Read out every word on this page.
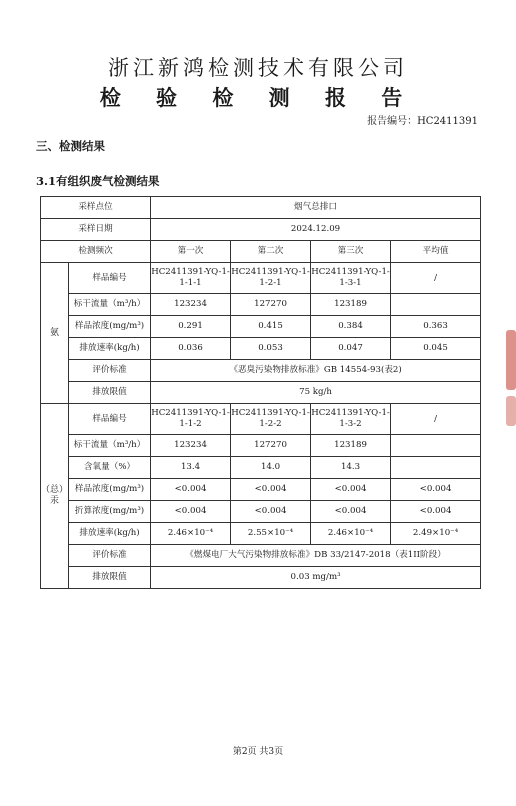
浙江新鸿检测技术有限公司
检 验 检 测 报 告
报告编号：HC2411391
三、检测结果
3.1有组织废气检测结果
采样点位		烟气总排口			
采样日期		2024.12.09			
检测频次		第一次	第二次	第三次	平均值
氨	样品编号	HC2411391-YQ-1-1-1-1	HC2411391-YQ-1-1-2-1	HC2411391-YQ-1-1-3-1	/
	标干流量（m³/h）	123234	127270	123189	
	样品浓度(mg/m³)	0.291	0.415	0.384	0.363
	排放速率(kg/h)	0.036	0.053	0.047	0.045
	评价标准	《恶臭污染物排放标准》GB 14554-93(表2)			
	排放限值	75 kg/h			
（总）汞	样品编号	HC2411391-YQ-1-1-1-2	HC2411391-YQ-1-1-2-2	HC2411391-YQ-1-1-3-2	/
	标干流量（m³/h）	123234	127270	123189	
	含氧量（%）	13.4	14.0	14.3	
	样品浓度(mg/m³)	<0.004	<0.004	<0.004	<0.004
	折算浓度(mg/m³)	<0.004	<0.004	<0.004	<0.004
	排放速率(kg/h)	2.46×10⁻⁴	2.55×10⁻⁴	2.46×10⁻⁴	2.49×10⁻⁴
	评价标准	《燃煤电厂大气污染物排放标准》DB 33/2147-2018（表1II阶段）			
	排放限值	0.03 mg/m³			
第2页 共3页
